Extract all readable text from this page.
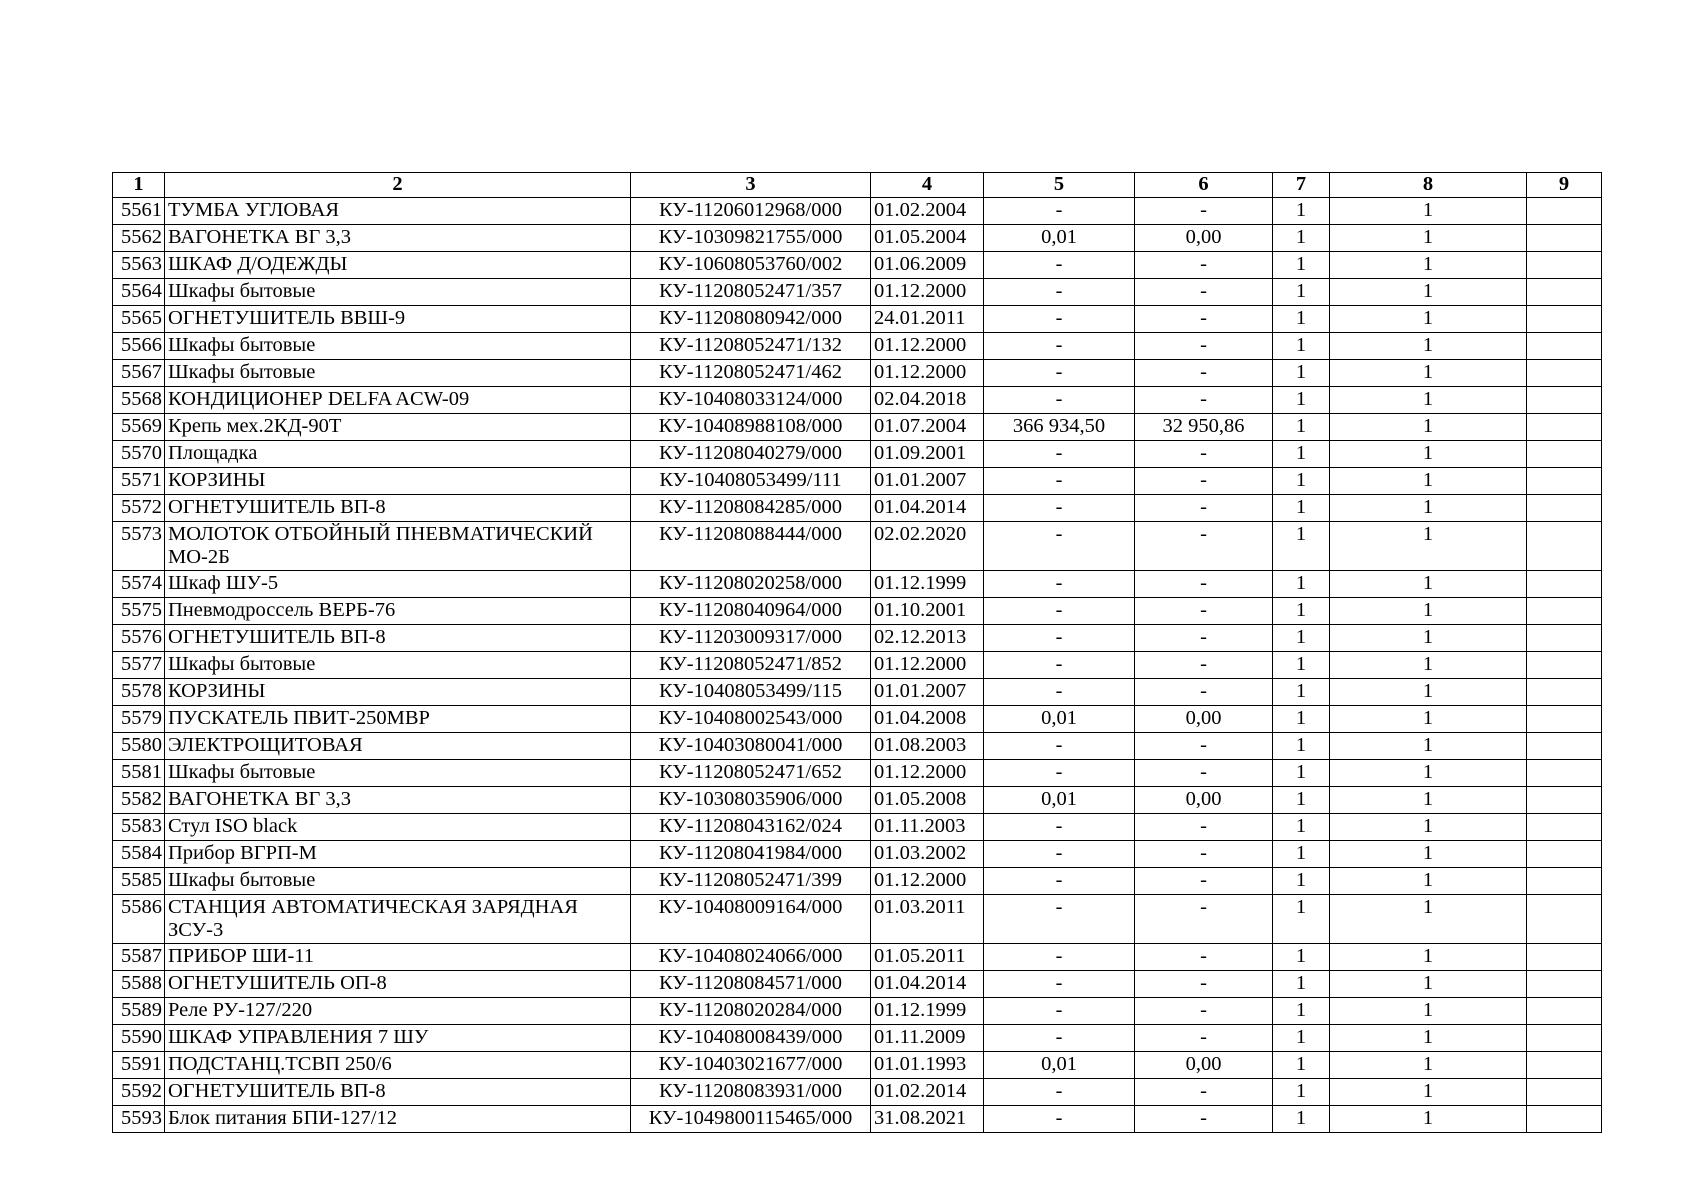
1	2	3	4	5	6	7	8	9
5561	ТУМБА УГЛОВАЯ	КУ-11206012968/000	01.02.2004	-	-	1	1	
5562	ВАГОНЕТКА ВГ 3,3	КУ-10309821755/000	01.05.2004	0,01	0,00	1	1	
5563	ШКАФ Д/ОДЕЖДЫ	КУ-10608053760/002	01.06.2009	-	-	1	1	
5564	Шкафы бытовые	КУ-11208052471/357	01.12.2000	-	-	1	1	
5565	ОГНЕТУШИТЕЛЬ ВВШ-9	КУ-11208080942/000	24.01.2011	-	-	1	1	
5566	Шкафы бытовые	КУ-11208052471/132	01.12.2000	-	-	1	1	
5567	Шкафы бытовые	КУ-11208052471/462	01.12.2000	-	-	1	1	
5568	КОНДИЦИОНЕР DELFA ACW-09	КУ-10408033124/000	02.04.2018	-	-	1	1	
5569	Крепь мех.2КД-90Т	КУ-10408988108/000	01.07.2004	366 934,50	32 950,86	1	1	
5570	Площадка	КУ-11208040279/000	01.09.2001	-	-	1	1	
5571	КОРЗИНЫ	КУ-10408053499/111	01.01.2007	-	-	1	1	
5572	ОГНЕТУШИТЕЛЬ ВП-8	КУ-11208084285/000	01.04.2014	-	-	1	1	
5573	МОЛОТОК ОТБОЙНЫЙ ПНЕВМАТИЧЕСКИЙ МО-2Б	КУ-11208088444/000	02.02.2020	-	-	1	1	
5574	Шкаф ШУ-5	КУ-11208020258/000	01.12.1999	-	-	1	1	
5575	Пневмодроссель ВЕРБ-76	КУ-11208040964/000	01.10.2001	-	-	1	1	
5576	ОГНЕТУШИТЕЛЬ ВП-8	КУ-11203009317/000	02.12.2013	-	-	1	1	
5577	Шкафы бытовые	КУ-11208052471/852	01.12.2000	-	-	1	1	
5578	КОРЗИНЫ	КУ-10408053499/115	01.01.2007	-	-	1	1	
5579	ПУСКАТЕЛЬ ПВИТ-250МВР	КУ-10408002543/000	01.04.2008	0,01	0,00	1	1	
5580	ЭЛЕКТРОЩИТОВАЯ	КУ-10403080041/000	01.08.2003	-	-	1	1	
5581	Шкафы бытовые	КУ-11208052471/652	01.12.2000	-	-	1	1	
5582	ВАГОНЕТКА ВГ 3,3	КУ-10308035906/000	01.05.2008	0,01	0,00	1	1	
5583	Стул ISO black	КУ-11208043162/024	01.11.2003	-	-	1	1	
5584	Прибор ВГРП-М	КУ-11208041984/000	01.03.2002	-	-	1	1	
5585	Шкафы бытовые	КУ-11208052471/399	01.12.2000	-	-	1	1	
5586	СТАНЦИЯ АВТОМАТИЧЕСКАЯ ЗАРЯДНАЯ ЗСУ-3	КУ-10408009164/000	01.03.2011	-	-	1	1	
5587	ПРИБОР ШИ-11	КУ-10408024066/000	01.05.2011	-	-	1	1	
5588	ОГНЕТУШИТЕЛЬ ОП-8	КУ-11208084571/000	01.04.2014	-	-	1	1	
5589	Реле РУ-127/220	КУ-11208020284/000	01.12.1999	-	-	1	1	
5590	ШКАФ УПРАВЛЕНИЯ 7 ШУ	КУ-10408008439/000	01.11.2009	-	-	1	1	
5591	ПОДСТАНЦ.ТСВП 250/6	КУ-10403021677/000	01.01.1993	0,01	0,00	1	1	
5592	ОГНЕТУШИТЕЛЬ ВП-8	КУ-11208083931/000	01.02.2014	-	-	1	1	
5593	Блок питания БПИ-127/12	КУ-1049800115465/000	31.08.2021	-	-	1	1	
